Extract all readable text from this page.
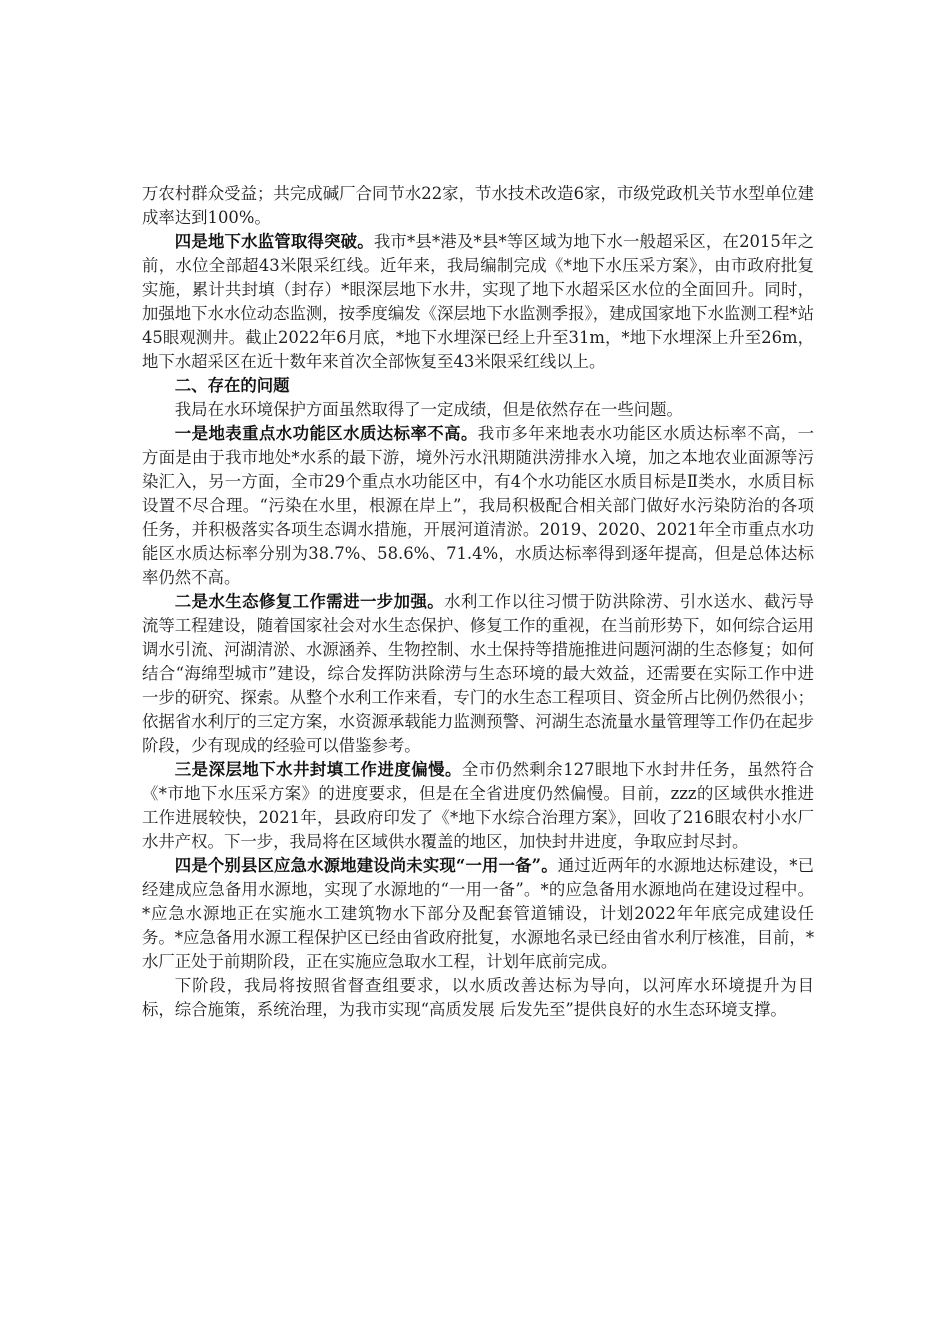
万农村群众受益；共完成碱厂合同节水22家，节水技术改造6家，市级党政机关节水型单位建成率达到100%。

四是地下水监管取得突破。我市*县*港及*县*等区域为地下水一般超采区，在2015年之前，水位全部超43米限采红线。近年来，我局编制完成《*地下水压采方案》，由市政府批复实施，累计共封填（封存）*眼深层地下水井，实现了地下水超采区水位的全面回升。同时，加强地下水水位动态监测，按季度编发《深层地下水监测季报》，建成国家地下水监测工程*站45眼观测井。截止2022年6月底，*地下水埋深已经上升至31m，*地下水埋深上升至26m，地下水超采区在近十数年来首次全部恢复至43米限采红线以上。

二、存在的问题

我局在水环境保护方面虽然取得了一定成绩，但是依然存在一些问题。

一是地表重点水功能区水质达标率不高。我市多年来地表水功能区水质达标率不高，一方面是由于我市地处*水系的最下游，境外污水汛期随洪涝排水入境，加之本地农业面源等污染汇入，另一方面，全市29个重点水功能区中，有4个水功能区水质目标是Ⅱ类水，水质目标设置不尽合理。“污染在水里，根源在岸上”，我局积极配合相关部门做好水污染防治的各项任务，并积极落实各项生态调水措施，开展河道清淤。2019、2020、2021年全市重点水功能区水质达标率分别为38.7%、58.6%、71.4%，水质达标率得到逐年提高，但是总体达标率仍然不高。

二是水生态修复工作需进一步加强。水利工作以往习惯于防洪除涝、引水送水、截污导流等工程建设，随着国家社会对水生态保护、修复工作的重视，在当前形势下，如何综合运用调水引流、河湖清淤、水源涵养、生物控制、水土保持等措施推进问题河湖的生态修复；如何结合“海绵型城市”建设，综合发挥防洪除涝与生态环境的最大效益，还需要在实际工作中进一步的研究、探索。从整个水利工作来看，专门的水生态工程项目、资金所占比例仍然很小；依据省水利厅的三定方案，水资源承载能力监测预警、河湖生态流量水量管理等工作仍在起步阶段，少有现成的经验可以借鉴参考。

三是深层地下水井封填工作进度偏慢。全市仍然剩余127眼地下水封井任务，虽然符合《*市地下水压采方案》的进度要求，但是在全省进度仍然偏慢。目前，zzz的区域供水推进工作进展较快，2021年，县政府印发了《*地下水综合治理方案》，回收了216眼农村小水厂水井产权。下一步，我局将在区域供水覆盖的地区，加快封井进度，争取应封尽封。

四是个别县区应急水源地建设尚未实现“一用一备”。通过近两年的水源地达标建设，*已经建成应急备用水源地，实现了水源地的“一用一备”。*的应急备用水源地尚在建设过程中。*应急水源地正在实施水工建筑物水下部分及配套管道铺设，计划2022年年底完成建设任务。*应急备用水源工程保护区已经由省政府批复，水源地名录已经由省水利厅核准，目前，*水厂正处于前期阶段，正在实施应急取水工程，计划年底前完成。

下阶段，我局将按照省督查组要求，以水质改善达标为导向，以河库水环境提升为目标，综合施策，系统治理，为我市实现“高质发展 后发先至”提供良好的水生态环境支撑。
